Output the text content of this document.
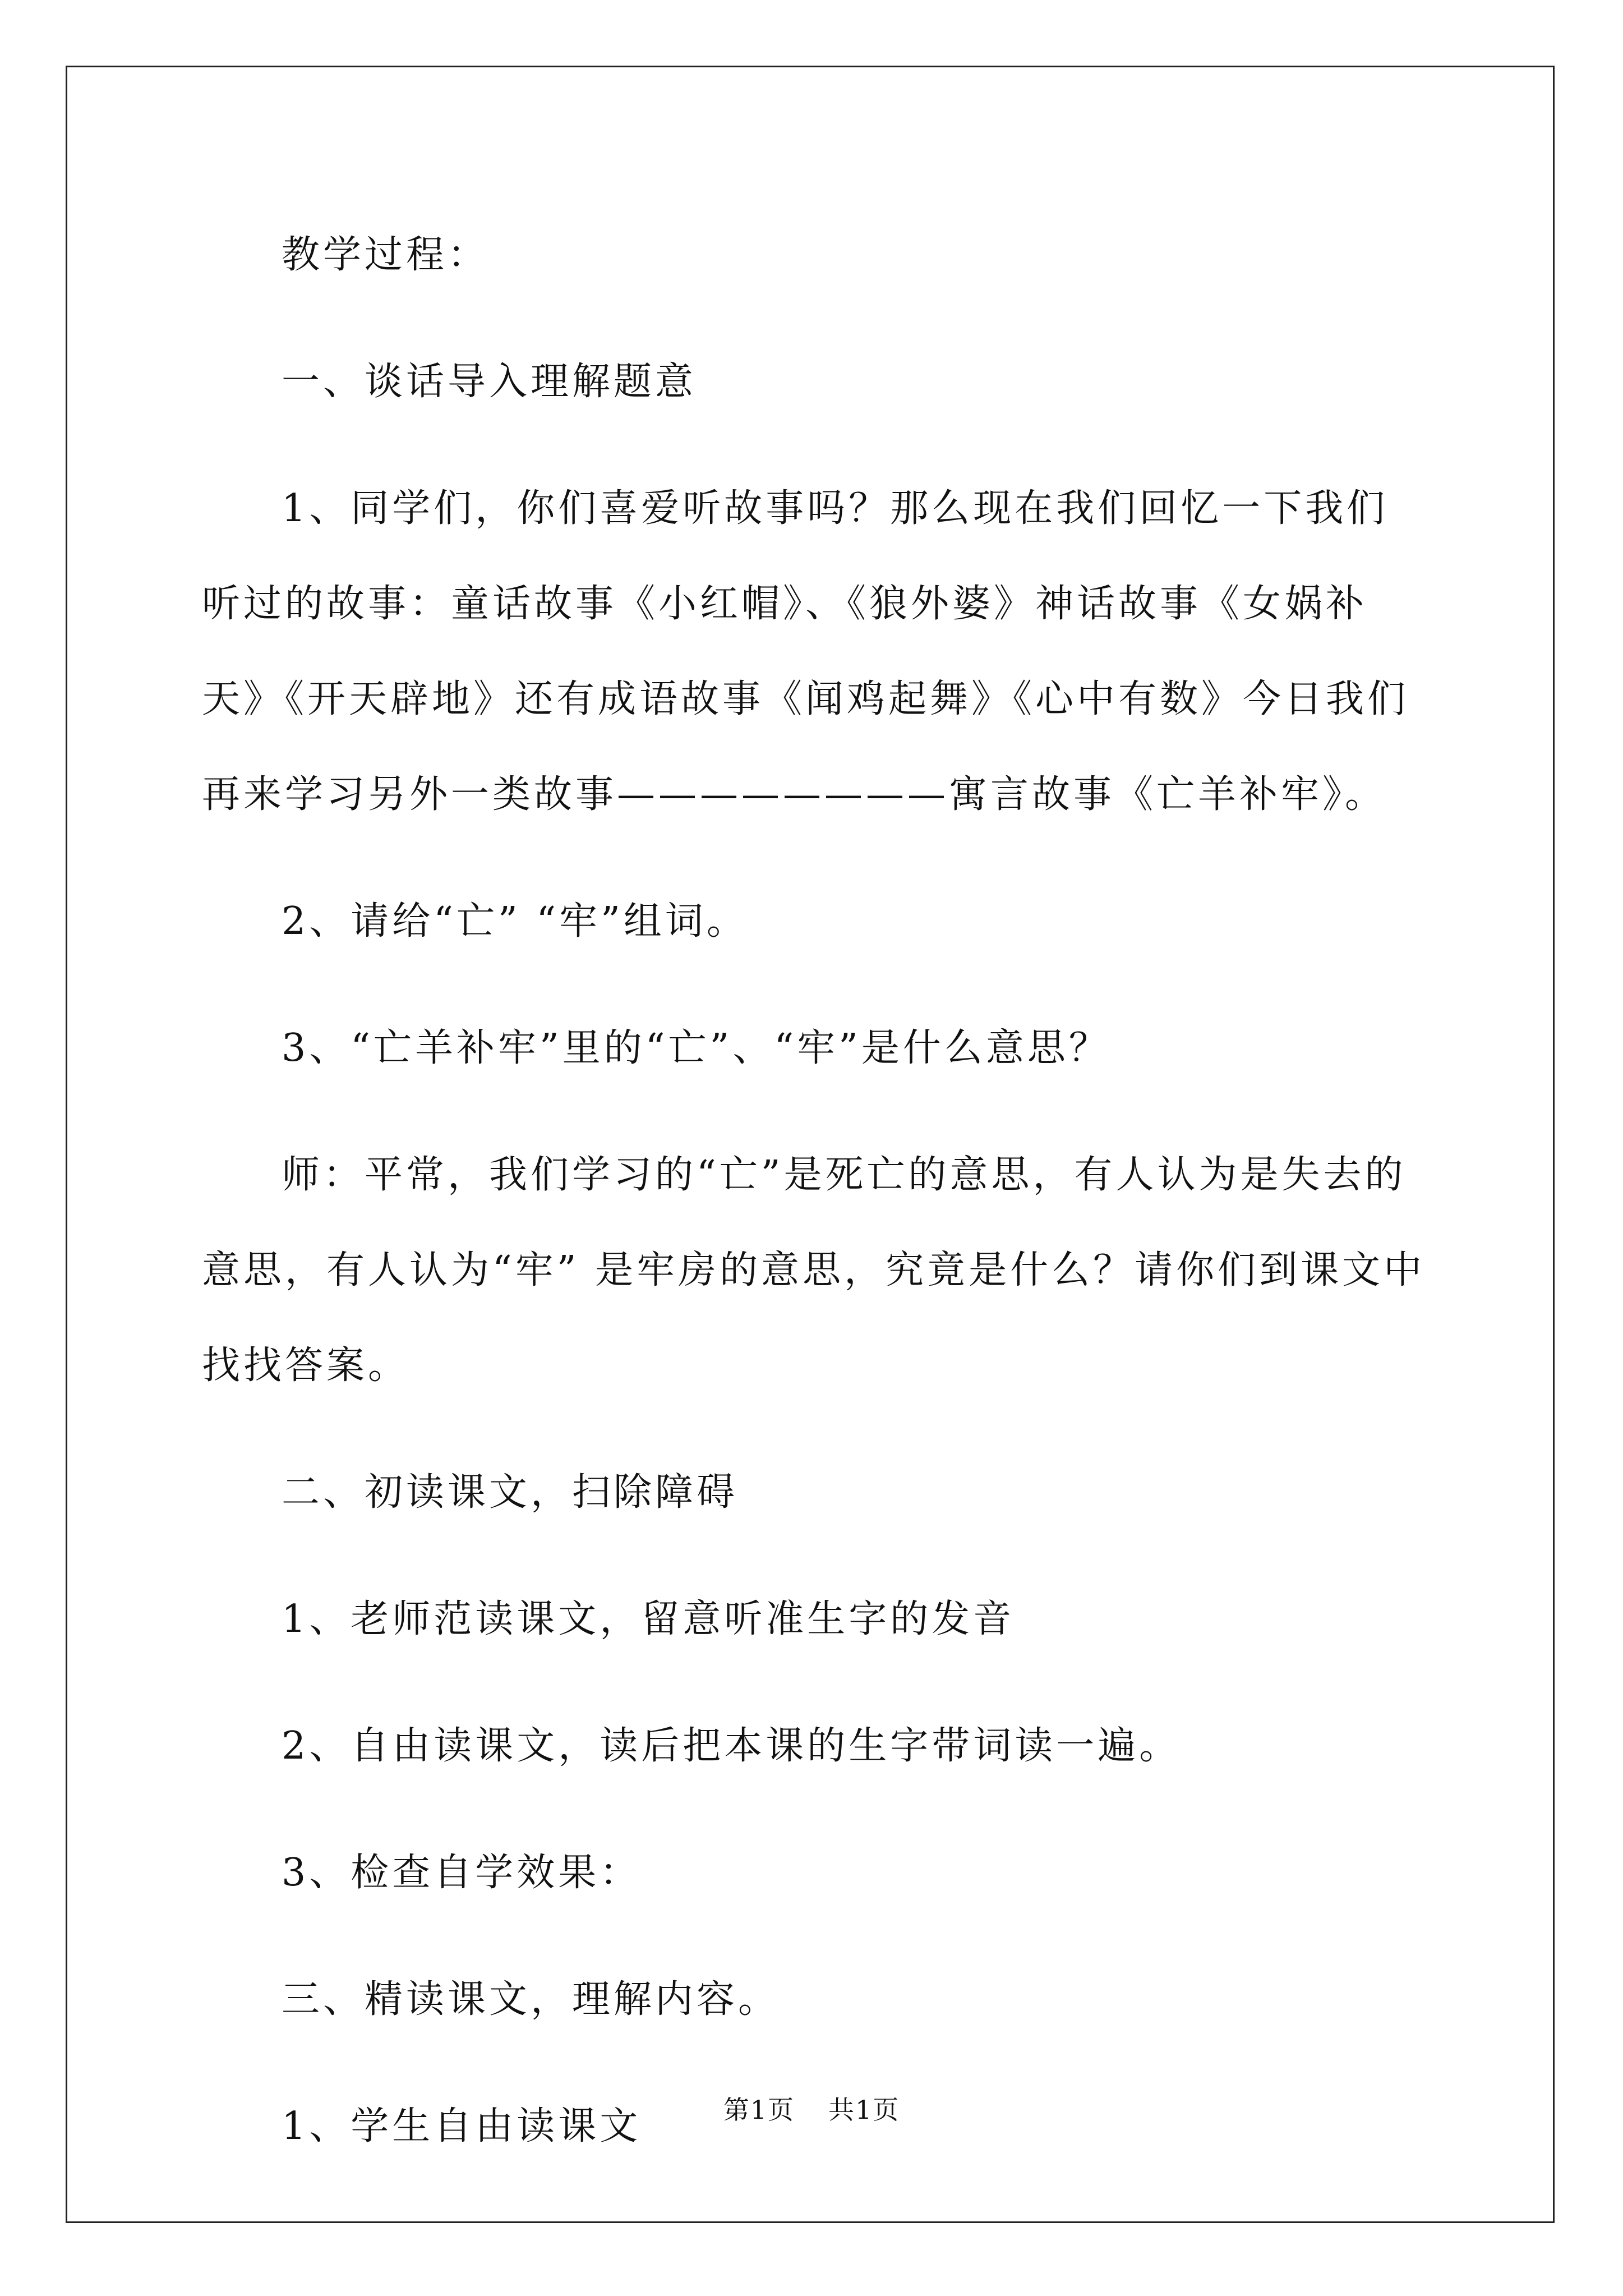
教学过程：

一、谈话导入理解题意

1、同学们，你们喜爱听故事吗？那么现在我们回忆一下我们听过的故事：童话故事《小红帽》、《狼外婆》神话故事《女娲补天》《开天辟地》还有成语故事《闻鸡起舞》《心中有数》今日我们再来学习另外一类故事————————寓言故事《亡羊补牢》。

2、请给“亡” “牢”组词。

3、“亡羊补牢”里的“亡”、“牢”是什么意思？

师：平常，我们学习的“亡”是死亡的意思，有人认为是失去的意思，有人认为“牢” 是牢房的意思，究竟是什么？请你们到课文中找找答案。

二、初读课文，扫除障碍

1、老师范读课文，留意听准生字的发音

2、自由读课文，读后把本课的生字带词读一遍。

3、检查自学效果：

三、精读课文，理解内容。

1、学生自由读课文	第1页 共1页
